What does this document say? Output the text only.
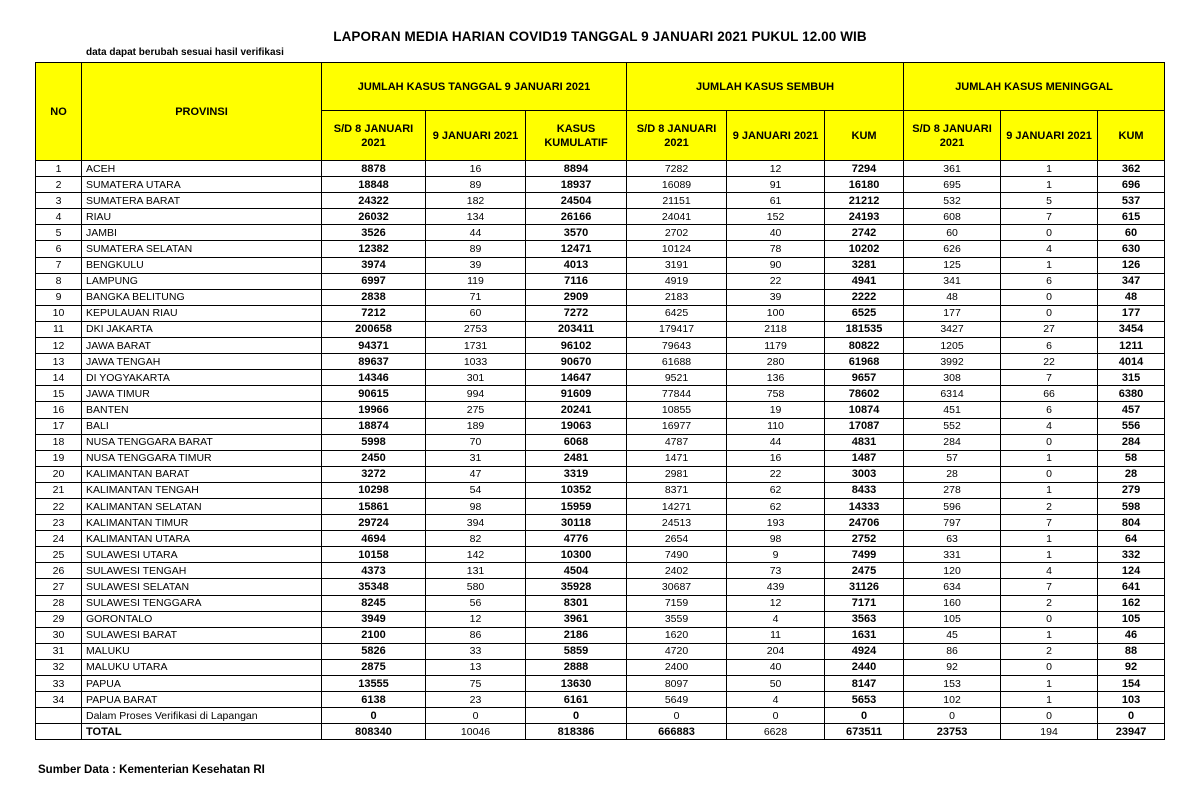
LAPORAN MEDIA HARIAN COVID19 TANGGAL 9 JANUARI 2021 PUKUL 12.00 WIB
data dapat berubah sesuai hasil verifikasi
NO	PROVINSI	JUMLAH KASUS TANGGAL 9 JANUARI 2021			JUMLAH KASUS SEMBUH			JUMLAH KASUS MENINGGAL		
		S/D 8 JANUARI 2021	9 JANUARI 2021	KASUS KUMULATIF	S/D 8 JANUARI 2021	9 JANUARI 2021	KUM	S/D 8 JANUARI 2021	9 JANUARI 2021	KUM
1	ACEH	8878	16	8894	7282	12	7294	361	1	362
2	SUMATERA UTARA	18848	89	18937	16089	91	16180	695	1	696
3	SUMATERA BARAT	24322	182	24504	21151	61	21212	532	5	537
4	RIAU	26032	134	26166	24041	152	24193	608	7	615
5	JAMBI	3526	44	3570	2702	40	2742	60	0	60
6	SUMATERA SELATAN	12382	89	12471	10124	78	10202	626	4	630
7	BENGKULU	3974	39	4013	3191	90	3281	125	1	126
8	LAMPUNG	6997	119	7116	4919	22	4941	341	6	347
9	BANGKA BELITUNG	2838	71	2909	2183	39	2222	48	0	48
10	KEPULAUAN RIAU	7212	60	7272	6425	100	6525	177	0	177
11	DKI JAKARTA	200658	2753	203411	179417	2118	181535	3427	27	3454
12	JAWA BARAT	94371	1731	96102	79643	1179	80822	1205	6	1211
13	JAWA TENGAH	89637	1033	90670	61688	280	61968	3992	22	4014
14	DI YOGYAKARTA	14346	301	14647	9521	136	9657	308	7	315
15	JAWA TIMUR	90615	994	91609	77844	758	78602	6314	66	6380
16	BANTEN	19966	275	20241	10855	19	10874	451	6	457
17	BALI	18874	189	19063	16977	110	17087	552	4	556
18	NUSA TENGGARA BARAT	5998	70	6068	4787	44	4831	284	0	284
19	NUSA TENGGARA TIMUR	2450	31	2481	1471	16	1487	57	1	58
20	KALIMANTAN BARAT	3272	47	3319	2981	22	3003	28	0	28
21	KALIMANTAN TENGAH	10298	54	10352	8371	62	8433	278	1	279
22	KALIMANTAN SELATAN	15861	98	15959	14271	62	14333	596	2	598
23	KALIMANTAN TIMUR	29724	394	30118	24513	193	24706	797	7	804
24	KALIMANTAN UTARA	4694	82	4776	2654	98	2752	63	1	64
25	SULAWESI UTARA	10158	142	10300	7490	9	7499	331	1	332
26	SULAWESI TENGAH	4373	131	4504	2402	73	2475	120	4	124
27	SULAWESI SELATAN	35348	580	35928	30687	439	31126	634	7	641
28	SULAWESI TENGGARA	8245	56	8301	7159	12	7171	160	2	162
29	GORONTALO	3949	12	3961	3559	4	3563	105	0	105
30	SULAWESI BARAT	2100	86	2186	1620	11	1631	45	1	46
31	MALUKU	5826	33	5859	4720	204	4924	86	2	88
32	MALUKU UTARA	2875	13	2888	2400	40	2440	92	0	92
33	PAPUA	13555	75	13630	8097	50	8147	153	1	154
34	PAPUA BARAT	6138	23	6161	5649	4	5653	102	1	103
	Dalam Proses Verifikasi di Lapangan	0	0	0	0	0	0	0	0	0
	TOTAL	808340	10046	818386	666883	6628	673511	23753	194	23947
Sumber Data : Kementerian Kesehatan RI
